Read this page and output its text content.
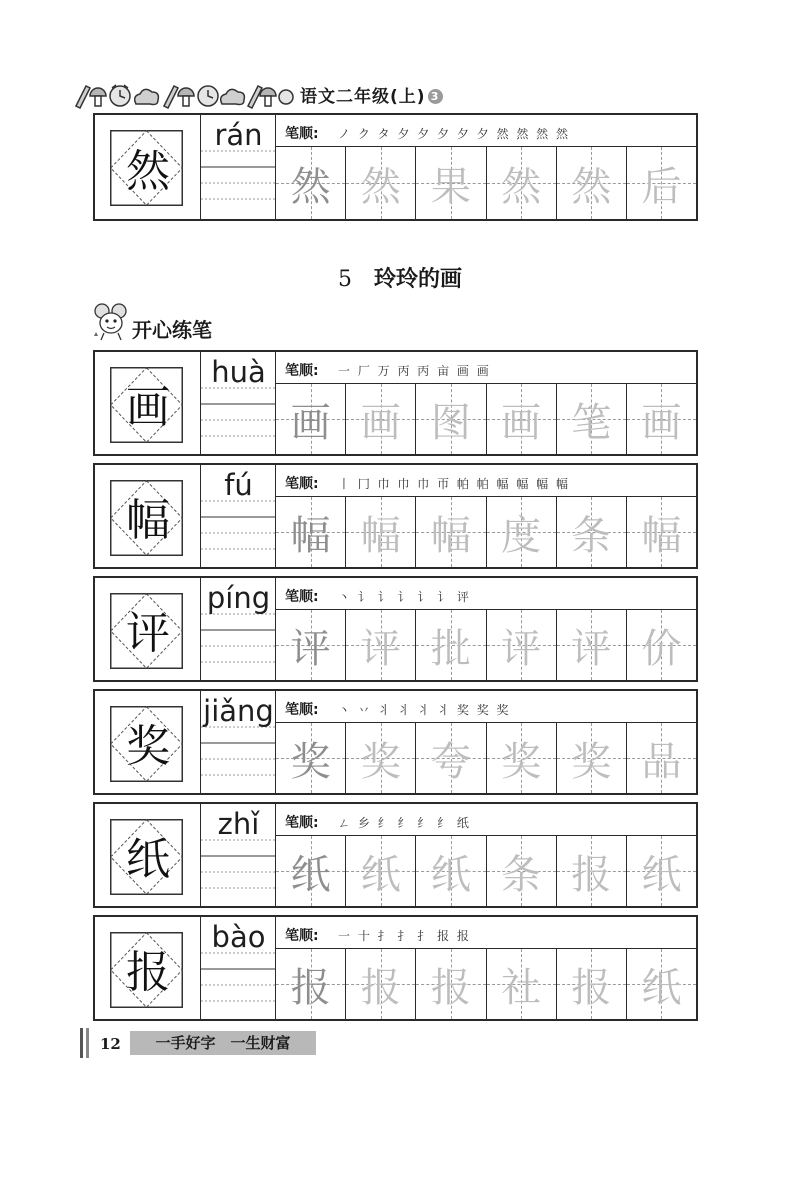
语文二年级(上) 3
然
rán	笔顺: ノ ク タ 夕 夕 夕 夕 夕 然 然 然 然
然 然 果 然 然 后
5 玲玲的画
开心练笔
画
huà	笔顺: 一 厂 万 丙 丙 亩 画 画
画 画 图 画 笔 画
幅
fú	笔顺: 丨 冂 巾 巾 巾 帀 帕 帕 幅 幅 幅 幅
幅 幅 幅 度 条 幅
评
píng	笔顺: 丶 讠 讠 讠 讠 讠 评
评 评 批 评 评 价
奖
jiǎng 笔顺: 丶 丷 丬 丬 丬 丬 奖 奖 奖
奖 奖 夸 奖 奖 品
纸
zhǐ	笔顺: ㄥ 乡 纟 纟 纟 纟 纸
纸 纸 纸 条 报 纸
报
bào	笔顺: 一 十 扌 扌 扌 报 报
报 报 报 社 报 纸
12	一手好字　一生财富
